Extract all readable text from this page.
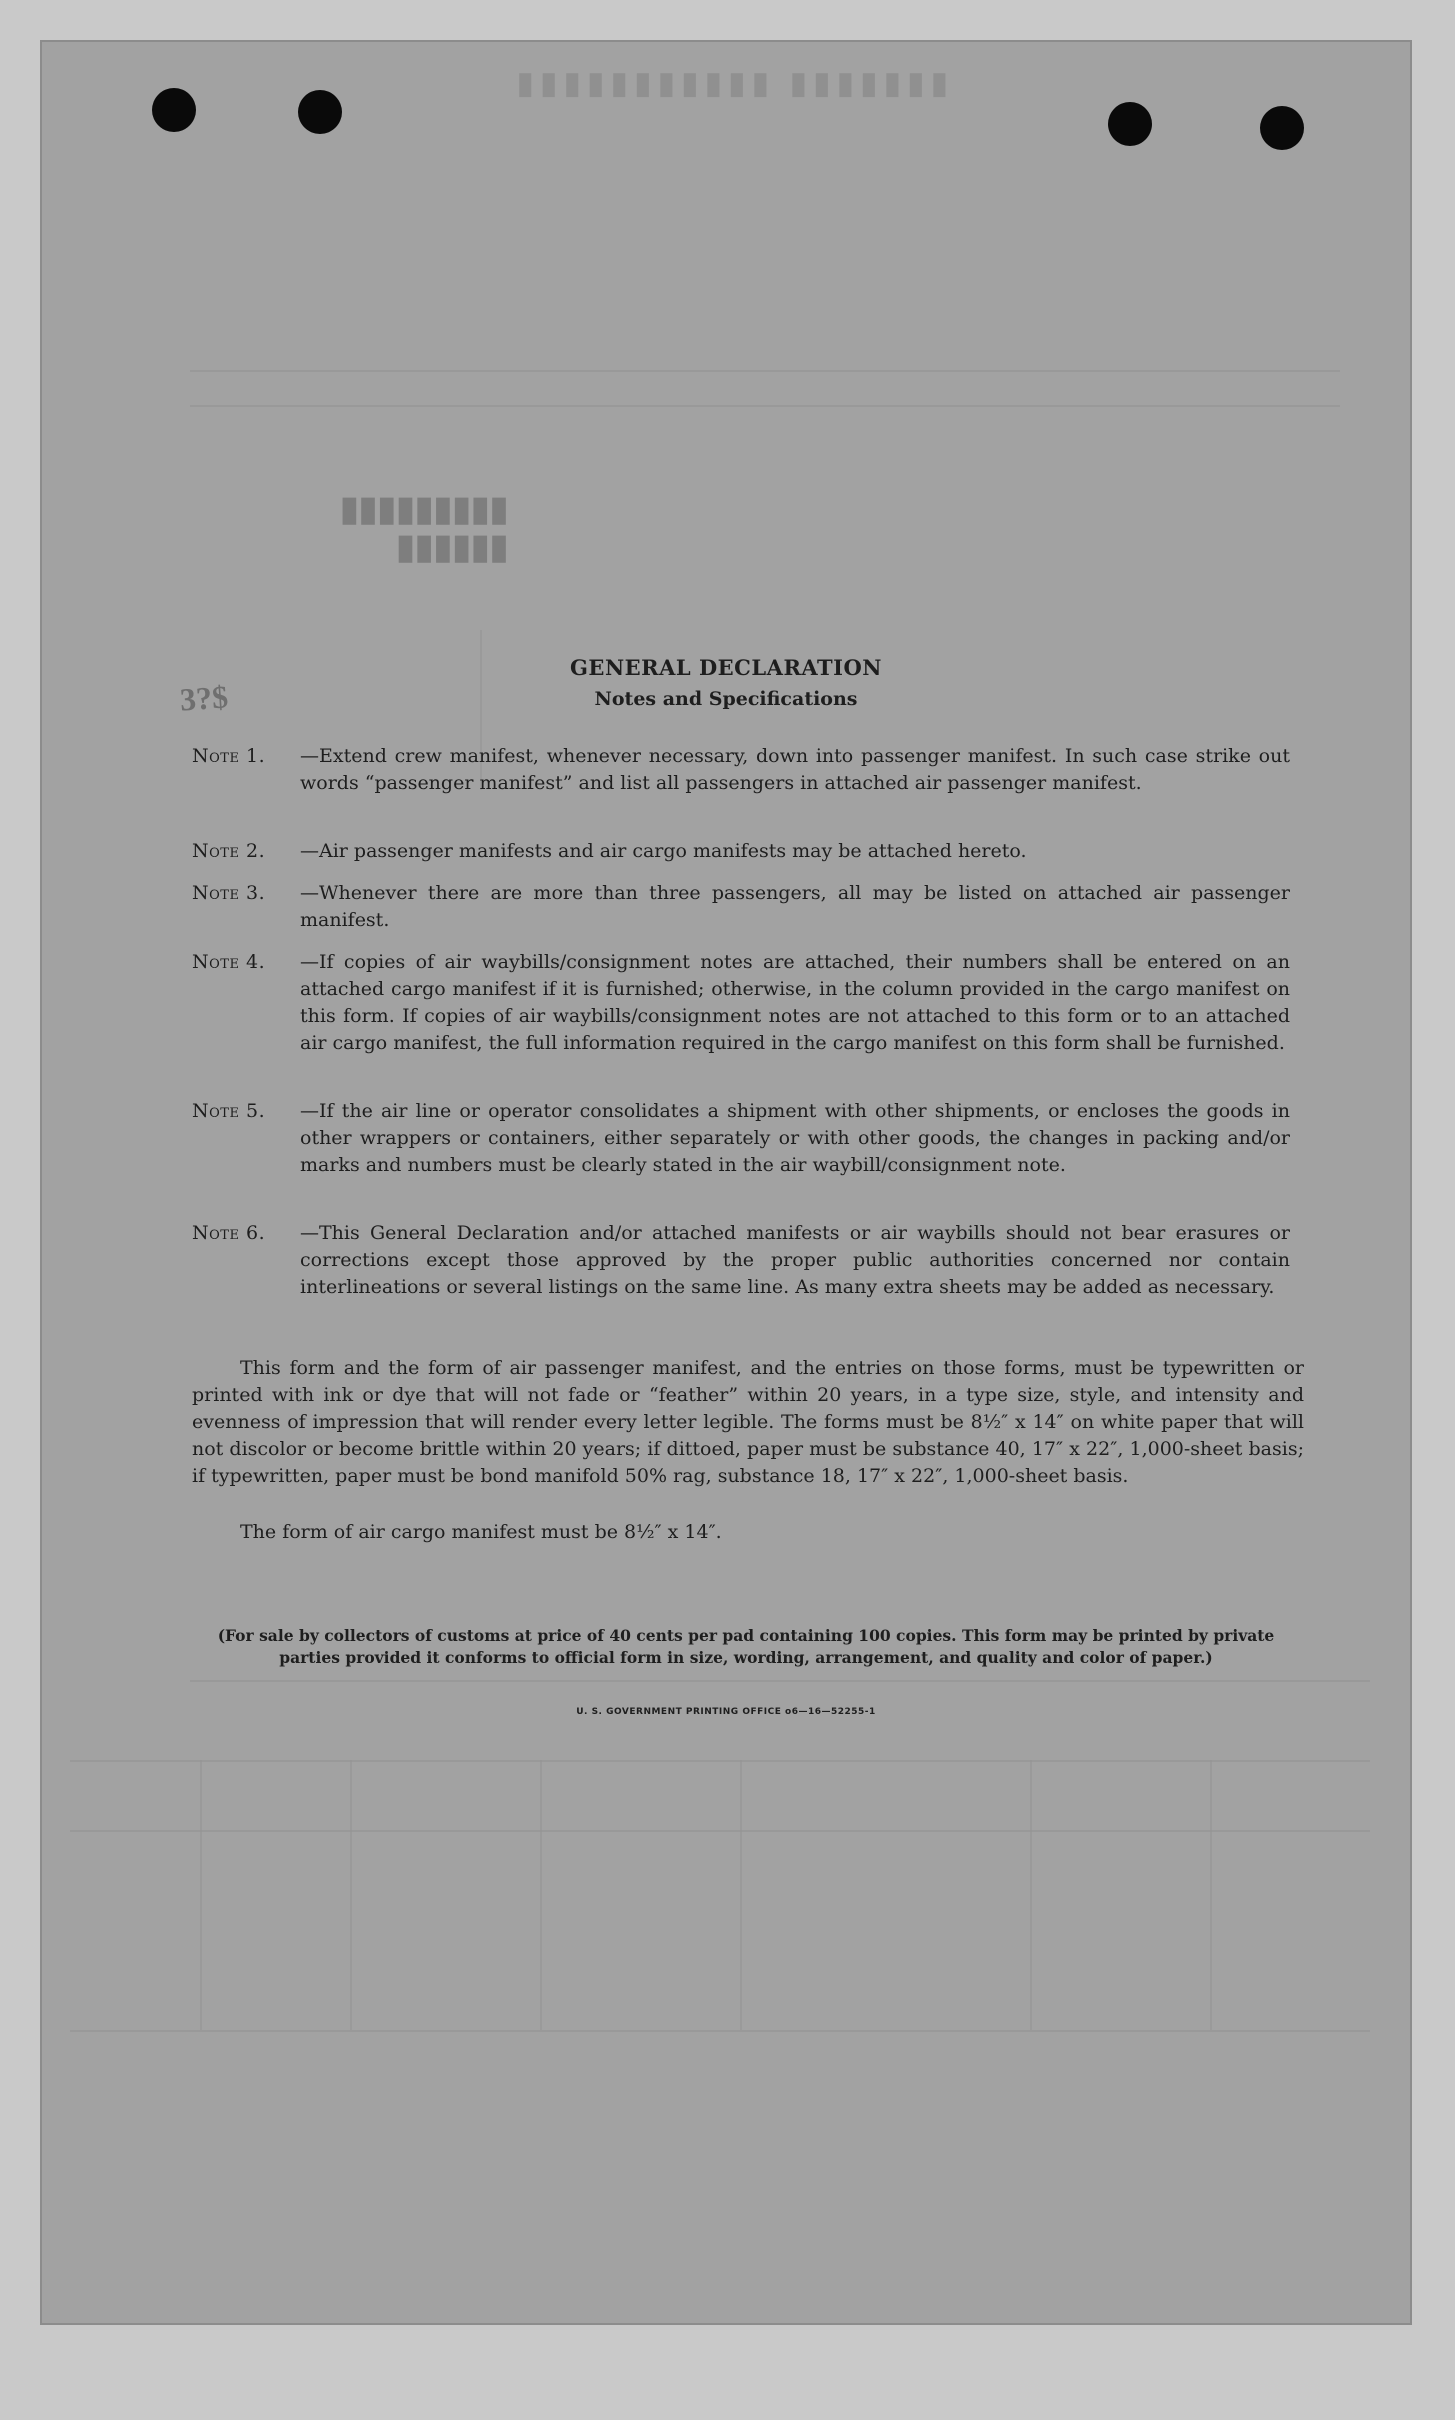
▮▮▮▮▮▮▮ ▮▮▮▮▮▮▮▮▮▮▮
▮▮▮▮▮▮▮▮▮
▮▮▮▮▮▮
3?$
GENERAL DECLARATION
Notes and Specifications
Note 1. —Extend crew manifest, whenever necessary, down into passenger manifest. In such case strike out words “passenger manifest” and list all passengers in attached air passenger manifest.
Note 2. —Air passenger manifests and air cargo manifests may be attached hereto.
Note 3. —Whenever there are more than three passengers, all may be listed on attached air passenger manifest.
Note 4. —If copies of air waybills/consignment notes are attached, their numbers shall be entered on an attached cargo manifest if it is furnished; otherwise, in the column provided in the cargo manifest on this form. If copies of air waybills/consignment notes are not attached to this form or to an attached air cargo manifest, the full information required in the cargo manifest on this form shall be furnished.
Note 5. —If the air line or operator consolidates a shipment with other shipments, or encloses the goods in other wrappers or containers, either separately or with other goods, the changes in packing and/or marks and numbers must be clearly stated in the air waybill/consignment note.
Note 6. —This General Declaration and/or attached manifests or air waybills should not bear erasures or corrections except those approved by the proper public authorities concerned nor contain interlineations or several listings on the same line. As many extra sheets may be added as necessary.
This form and the form of air passenger manifest, and the entries on those forms, must be typewritten or printed with ink or dye that will not fade or “feather” within 20 years, in a type size, style, and intensity and evenness of impression that will render every letter legible. The forms must be 8½″ x 14″ on white paper that will not discolor or become brittle within 20 years; if dittoed, paper must be substance 40, 17″ x 22″, 1,000-sheet basis; if typewritten, paper must be bond manifold 50% rag, substance 18, 17″ x 22″, 1,000-sheet basis.
The form of air cargo manifest must be 8½″ x 14″.
(For sale by collectors of customs at price of 40 cents per pad containing 100 copies. This form may be printed by private parties provided it conforms to official form in size, wording, arrangement, and quality and color of paper.)
U. S. GOVERNMENT PRINTING OFFICE o6—16—52255-1
